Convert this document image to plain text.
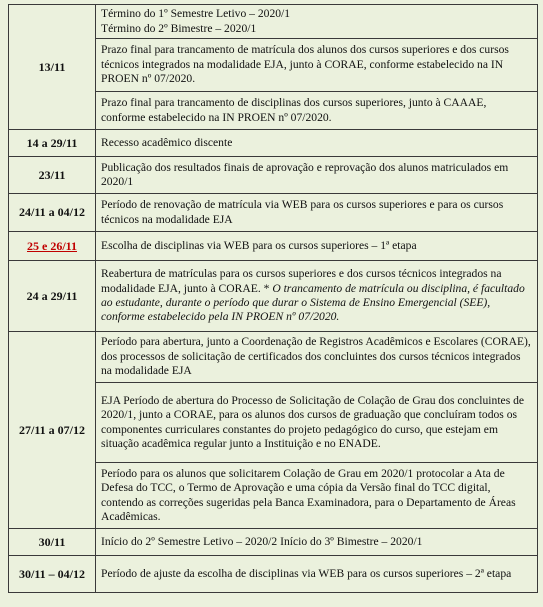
13/11	Término do 1º Semestre Letivo – 2020/1
Término do 2º Bimestre – 2020/1

	Prazo final para trancamento de matrícula dos alunos dos cursos superiores e dos cursos técnicos integrados na modalidade EJA, junto à CORAE, conforme estabelecido na IN PROEN nº 07/2020.
	Prazo final para trancamento de disciplinas dos cursos superiores, junto à CAAAE, conforme estabelecido na IN PROEN nº 07/2020.
14 a 29/11	Recesso acadêmico discente
23/11	Publicação dos resultados finais de aprovação e reprovação dos alunos matriculados em 2020/1
24/11 a 04/12	Período de renovação de matrícula via WEB para os cursos superiores e para os cursos técnicos na modalidade EJA
25 e 26/11	Escolha de disciplinas via WEB para os cursos superiores – 1ª etapa
24 a 29/11	Reabertura de matrículas para os cursos superiores e dos cursos técnicos integrados na modalidade EJA, junto à CORAE. * O trancamento de matrícula ou disciplina, é facultado ao estudante, durante o período que durar o Sistema de Ensino Emergencial (SEE), conforme estabelecido pela IN PROEN nº 07/2020.
27/11 a 07/12	Período para abertura, junto a Coordenação de Registros Acadêmicos e Escolares (CORAE), dos processos de solicitação de certificados dos concluintes dos cursos técnicos integrados na modalidade EJA
	EJA Período de abertura do Processo de Solicitação de Colação de Grau dos concluintes de 2020/1, junto a CORAE, para os alunos dos cursos de graduação que concluíram todos os componentes curriculares constantes do projeto pedagógico do curso, que estejam em situação acadêmica regular junto a Instituição e no ENADE.
	Período para os alunos que solicitarem Colação de Grau em 2020/1 protocolar a Ata de Defesa do TCC, o Termo de Aprovação e uma cópia da Versão final do TCC digital, contendo as correções sugeridas pela Banca Examinadora, para o Departamento de Áreas Acadêmicas.
30/11	Início do 2º Semestre Letivo – 2020/2 Início do 3º Bimestre – 2020/1
30/11 – 04/12	Período de ajuste da escolha de disciplinas via WEB para os cursos superiores – 2ª etapa
